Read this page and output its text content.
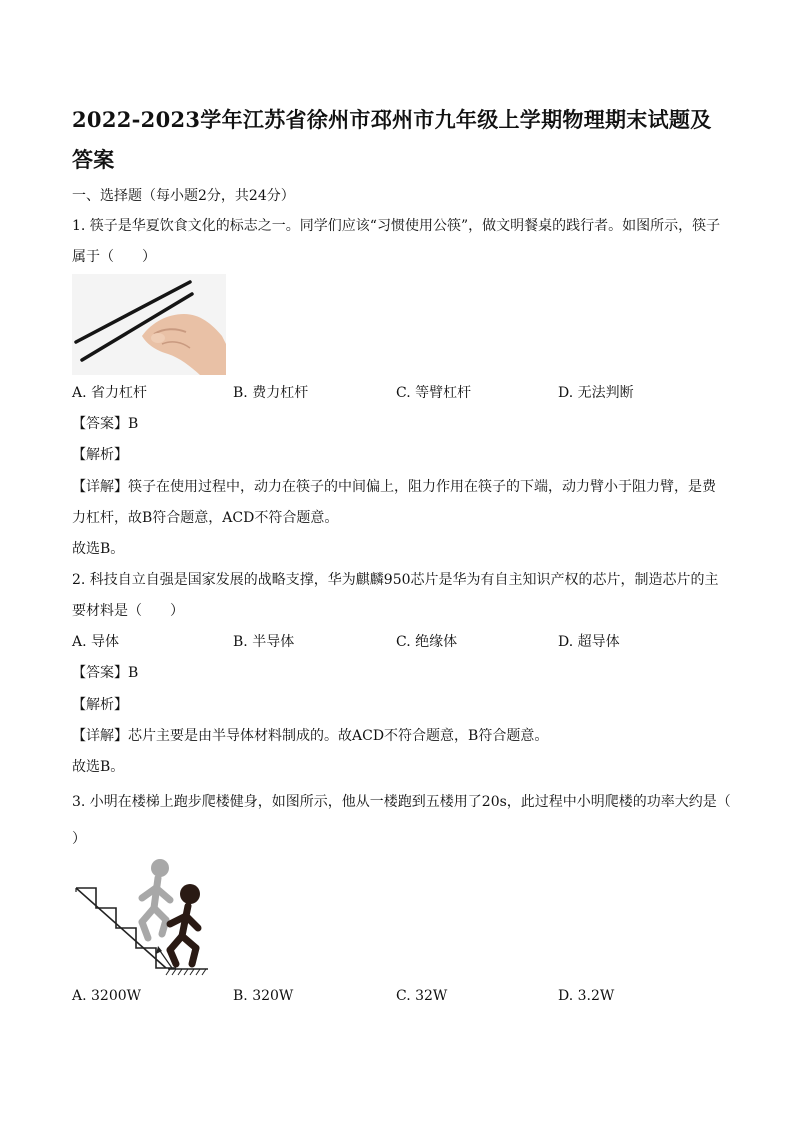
2022-2023学年江苏省徐州市邳州市九年级上学期物理期末试题及答案
一、选择题（每小题2分，共24分）
1. 筷子是华夏饮食文化的标志之一。同学们应该“习惯使用公筷”，做文明餐桌的践行者。如图所示，筷子
属于（　　）
A. 省力杠杆	B. 费力杠杆	C. 等臂杠杆	D. 无法判断
【答案】B
【解析】
【详解】筷子在使用过程中，动力在筷子的中间偏上，阻力作用在筷子的下端，动力臂小于阻力臂，是费
力杠杆，故B符合题意，ACD不符合题意。
故选B。
2. 科技自立自强是国家发展的战略支撑，华为麒麟950芯片是华为有自主知识产权的芯片，制造芯片的主
要材料是（　　）
A. 导体	B. 半导体	C. 绝缘体	D. 超导体
【答案】B
【解析】
【详解】芯片主要是由半导体材料制成的。故ACD不符合题意，B符合题意。
故选B。
3. 小明在楼梯上跑步爬楼健身，如图所示，他从一楼跑到五楼用了20s，此过程中小明爬楼的功率大约是（
）
A. 3200W	B. 320W	C. 32W	D. 3.2W
